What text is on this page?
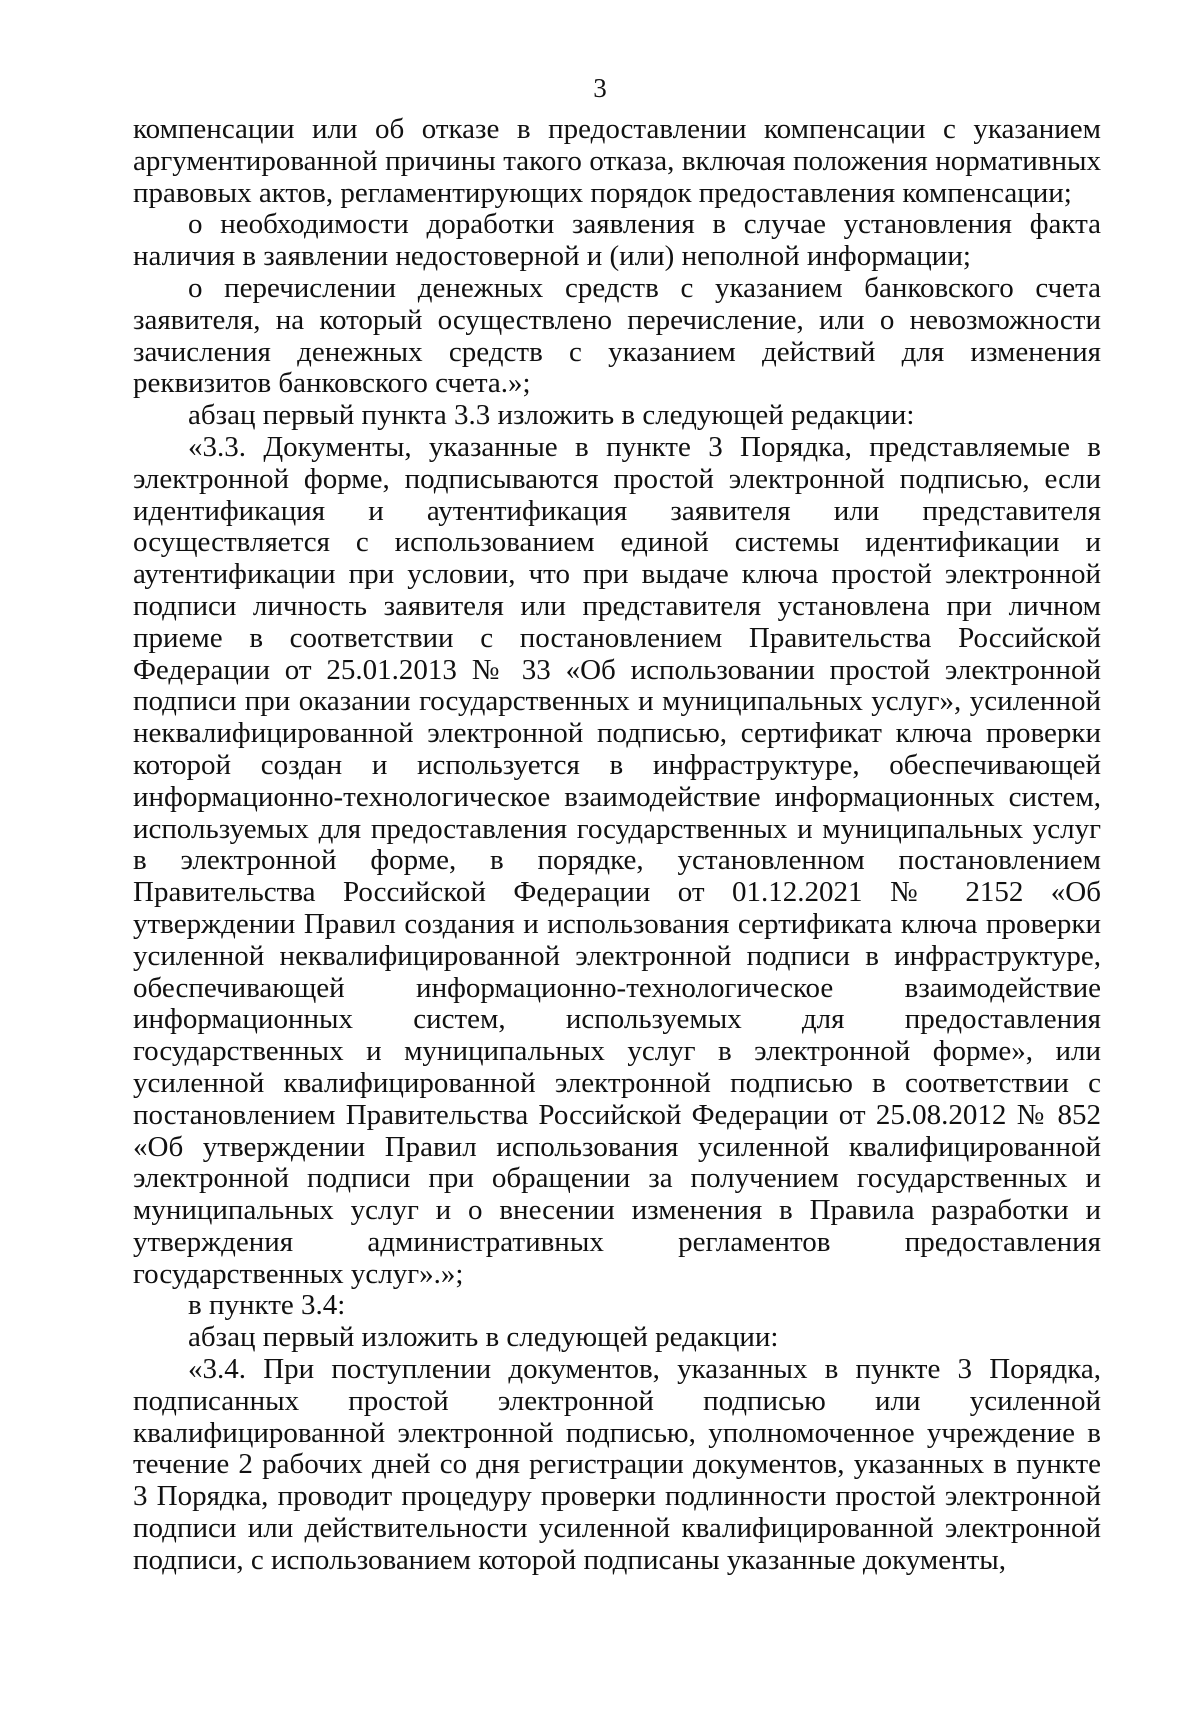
3

компенсации или об отказе в предоставлении компенсации с указанием аргументированной причины такого отказа, включая положения нормативных правовых актов, регламентирующих порядок предоставления компенсации;

о необходимости доработки заявления в случае установления факта наличия в заявлении недостоверной и (или) неполной информации;

о перечислении денежных средств с указанием банковского счета заявителя, на который осуществлено перечисление, или о невозможности зачисления денежных средств с указанием действий для изменения реквизитов банковского счета.»;

абзац первый пункта 3.3 изложить в следующей редакции:

«3.3. Документы, указанные в пункте 3 Порядка, представляемые в электронной форме, подписываются простой электронной подписью, если идентификация и аутентификация заявителя или представителя осуществляется с использованием единой системы идентификации и аутентификации при условии, что при выдаче ключа простой электронной подписи личность заявителя или представителя установлена при личном приеме в соответствии с постановлением Правительства Российской Федерации от 25.01.2013 № 33 «Об использовании простой электронной подписи при оказании государственных и муниципальных услуг», усиленной неквалифицированной электронной подписью, сертификат ключа проверки которой создан и используется в инфраструктуре, обеспечивающей информационно-технологическое взаимодействие информационных систем, используемых для предоставления государственных и муниципальных услуг в электронной форме, в порядке, установленном постановлением Правительства Российской Федерации от 01.12.2021 № 2152 «Об утверждении Правил создания и использования сертификата ключа проверки усиленной неквалифицированной электронной подписи в инфраструктуре, обеспечивающей информационно-технологическое взаимодействие информационных систем, используемых для предоставления государственных и муниципальных услуг в электронной форме», или усиленной квалифицированной электронной подписью в соответствии с постановлением Правительства Российской Федерации от 25.08.2012 № 852 «Об утверждении Правил использования усиленной квалифицированной электронной подписи при обращении за получением государственных и муниципальных услуг и о внесении изменения в Правила разработки и утверждения административных регламентов предоставления государственных услуг».»;

в пункте 3.4:

абзац первый изложить в следующей редакции:

«3.4. При поступлении документов, указанных в пункте 3 Порядка, подписанных простой электронной подписью или усиленной квалифицированной электронной подписью, уполномоченное учреждение в течение 2 рабочих дней со дня регистрации документов, указанных в пункте 3 Порядка, проводит процедуру проверки подлинности простой электронной подписи или действительности усиленной квалифицированной электронной подписи, с использованием которой подписаны указанные документы,
